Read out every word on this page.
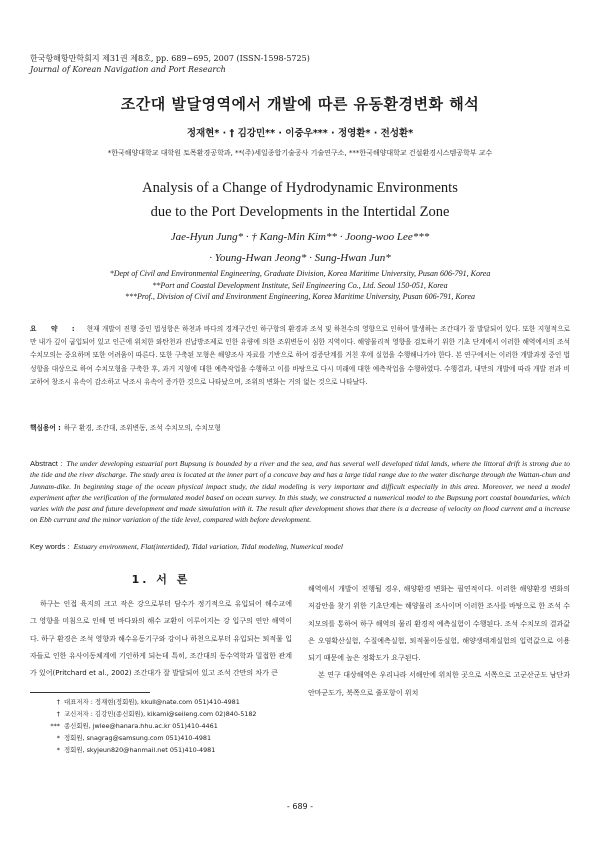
한국항해항만학회지 제31권 제8호, pp. 689~695, 2007 (ISSN-1598-5725)
Journal of Korean Navigation and Port Research
조간대 발달영역에서 개발에 따른 유동환경변화 해석
정재현* · † 김강민** · 이중우*** · 정영환* · 전성환*
*한국해양대학교 대학원 토목환경공학과, **(주)세일종합기술공사 기술연구소, ***한국해양대학교 건설환경시스템공학부 교수
Analysis of a Change of Hydrodynamic Environments
due to the Port Developments in the Intertidal Zone
Jae-Hyun Jung* · † Kang-Min Kim** · Joong-woo Lee***
· Young-Hwan Jeong* · Sung-Hwan Jun*
*Dept of Civil and Environmental Engineering, Graduate Division, Korea Maritime University, Pusan 606-791, Korea
**Port and Coastal Development Institute, Seil Engineering Co., Ltd. Seoul 150-051, Korea
***Prof., Division of Civil and Environment Engineering, Korea Maritime University, Pusan 606-791, Korea
요 약 : 현재 개발이 진행 중인 법성항은 하천과 바다의 경계구간인 하구항의 환경과 조석 및 하천수의 영향으로 인하여 발생하는 조간대가 잘 발달되어 있다. 또한 지형적으로 만 내가 깊이 굽입되어 있고 인근에 위치한 와탄천과 진납방조제로 인한 유량에 의한 조위변동이 심한 지역이다. 해양물리적 영향을 검토하기 위한 기초 단계에서 이러한 해역에서의 조석 수치모의는 중요하며 또한 어려움이 따른다. 또한 구축된 모형은 해양조사 자료를 기반으로 하여 검증단계를 거친 후에 실험을 수행해나가야 한다. 본 연구에서는 이러한 개발과정 중인 법성항을 대상으로 하여 수치모형을 구축한 후, 과거 지형에 대한 예측작업을 수행하고 이를 바탕으로 다시 미래에 대한 예측작업을 수행하였다. 수행결과, 내만의 개발에 따라 개발 전과 비교하여 창조시 유속이 감소하고 낙조시 유속이 증가한 것으로 나타났으며, 조위의 변화는 거의 없는 것으로 나타났다.
핵심용어 : 하구 환경, 조간대, 조위변동, 조석 수치모의, 수치모형
Abstract : The under developing estuarial port Bupsung is bounded by a river and the sea, and has several well developed tidal lands, where the littoral drift is strong due to the tide and the river discharge. The study area is located at the inner part of a concave bay and has a large tidal range due to the water discharge through the Wattan-chun and Junnam-dike. In beginning stage of the ocean physical impact study, the tidal modeling is very important and difficult especially in this area. Moreover, we need a model experiment after the verification of the formulated model based on ocean survey. In this study, we constructed a numerical model to the Bupsung port coastal boundaries, which varies with the past and future development and made simulation with it. The result after development shows that there is a decrease of velocity on flood current and a increase on Ebb currant and the minor variation of the tide level, compared with before development.
Key words : Estuary environment, Flat(intertided), Tidal variation, Tidal modeling, Numerical model
1. 서 론
하구는 인접 육지의 크고 작은 강으로부터 담수가 정기적으로 유입되어 해수교에 그 영향을 미침으로 인해 면 바다와의 해수 교환이 이루어지는 강 입구의 연안 해역이다. 하구 환경은 조석 영향과 해수유동기구와 강이나 하천으로부터 유입되는 퇴적물 입자들로 인한 유사이동체계에 기인하게 되는데 특히, 조간대의 동수역학과 밀접한 관계가 있어(Pritchard et al., 2002) 조간대가 잘 발달되어 있고 조석 간만의 차가 큰
해역에서 개발이 진행될 경우, 해양환경 변화는 필연적이다. 이러한 해양환경 변화의 저감안을 찾기 위한 기초단계는 해양물리 조사이며 이러한 조사를 바탕으로 한 조석 수치모의를 통하여 하구 해역의 물리 환경적 예측실험이 수행된다. 조석 수치모의 결과값은 오염확산실험, 수질예측실험, 퇴적물이동실험, 해양생태계실험의 입력값으로 이용되기 때문에 높은 정확도가 요구된다.
본 연구 대상해역은 우리나라 서해안에 위치한 곳으로 서쪽으로 고군산군도 남단과 안마군도가, 북쪽으로 줄포항이 위치
† 대표저자 : 정재현(정회원), kkull@nate.com 051)410-4981
† 교신저자 : 김강민(종신회원), kikami@seileng.com 02)840-5182
*** 종신회원, jwlee@hanara.hhu.ac.kr 051)410-4461
* 정회원, snagrag@samsung.com 051)410-4981
* 정회원, skyjeun820@hanmail.net 051)410-4981
- 689 -
